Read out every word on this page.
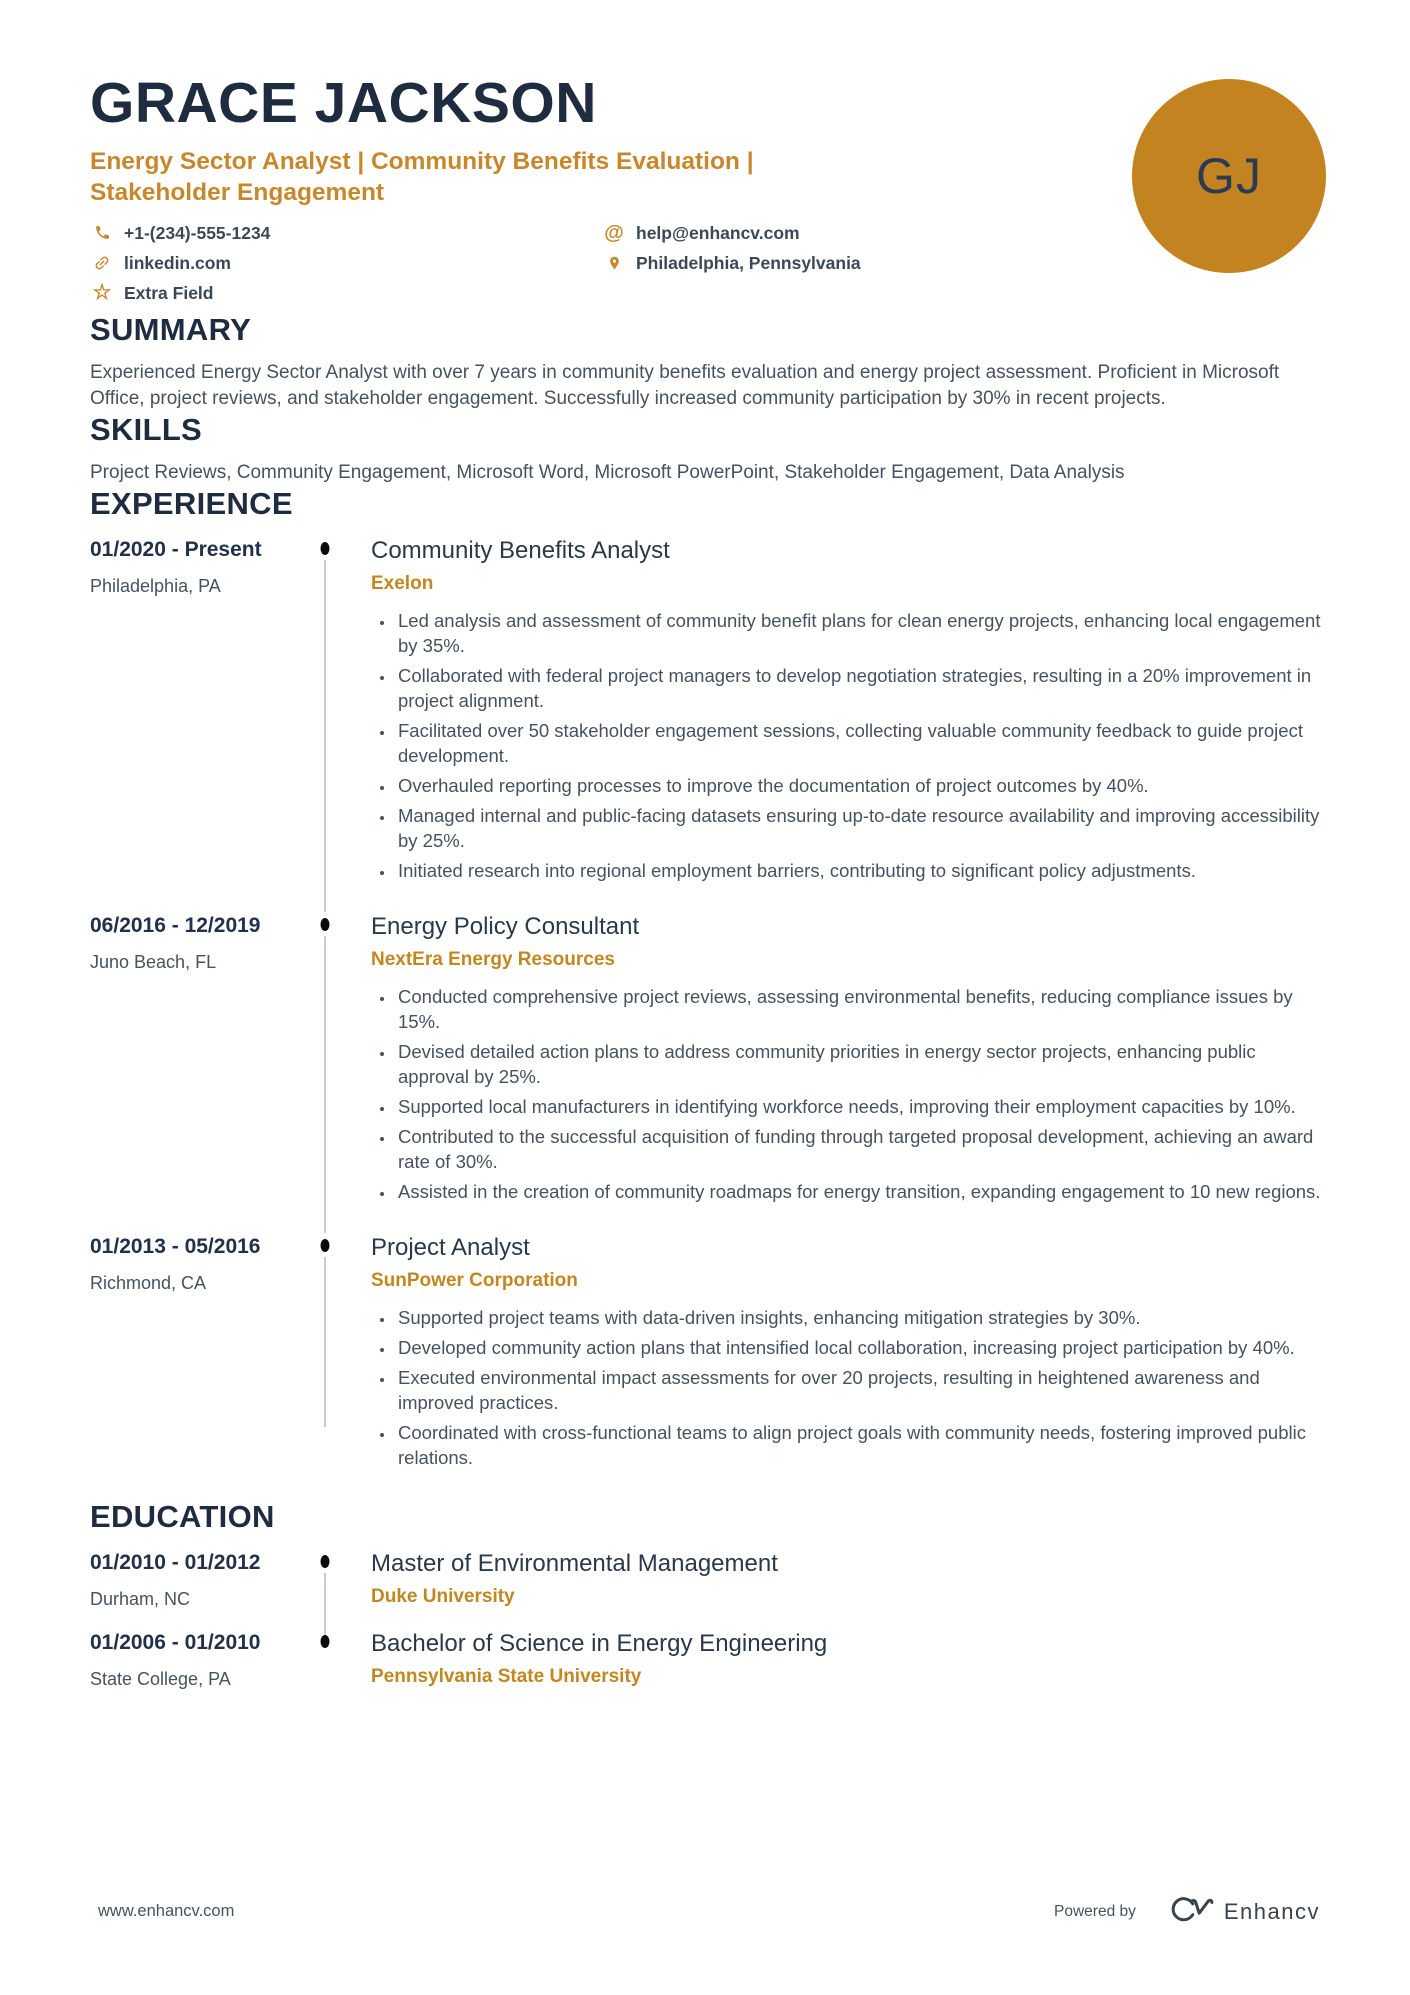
GRACE JACKSON
Energy Sector Analyst | Community Benefits Evaluation | Stakeholder Engagement
+1-(234)-555-1234
linkedin.com
☆ Extra Field
@ help@enhancv.com
Philadelphia, Pennsylvania
GJ
SUMMARY

Experienced Energy Sector Analyst with over 7 years in community benefits evaluation and energy project assessment. Proficient in Microsoft Office, project reviews, and stakeholder engagement. Successfully increased community participation by 30% in recent projects.

SKILLS

Project Reviews, Community Engagement, Microsoft Word, Microsoft PowerPoint, Stakeholder Engagement, Data Analysis

EXPERIENCE
01/2020 - Present
Philadelphia, PA
Community Benefits Analyst
Exelon
• Led analysis and assessment of community benefit plans for clean energy projects, enhancing local engagement by 35%.
• Collaborated with federal project managers to develop negotiation strategies, resulting in a 20% improvement in project alignment.
• Facilitated over 50 stakeholder engagement sessions, collecting valuable community feedback to guide project development.
• Overhauled reporting processes to improve the documentation of project outcomes by 40%.
• Managed internal and public-facing datasets ensuring up-to-date resource availability and improving accessibility by 25%.
• Initiated research into regional employment barriers, contributing to significant policy adjustments.
06/2016 - 12/2019
Juno Beach, FL
Energy Policy Consultant
NextEra Energy Resources
• Conducted comprehensive project reviews, assessing environmental benefits, reducing compliance issues by 15%.
• Devised detailed action plans to address community priorities in energy sector projects, enhancing public approval by 25%.
• Supported local manufacturers in identifying workforce needs, improving their employment capacities by 10%.
• Contributed to the successful acquisition of funding through targeted proposal development, achieving an award rate of 30%.
• Assisted in the creation of community roadmaps for energy transition, expanding engagement to 10 new regions.
01/2013 - 05/2016
Richmond, CA
Project Analyst
SunPower Corporation
• Supported project teams with data-driven insights, enhancing mitigation strategies by 30%.
• Developed community action plans that intensified local collaboration, increasing project participation by 40%.
• Executed environmental impact assessments for over 20 projects, resulting in heightened awareness and improved practices.
• Coordinated with cross-functional teams to align project goals with community needs, fostering improved public relations.
EDUCATION
01/2010 - 01/2012
Durham, NC
Master of Environmental Management
Duke University
01/2006 - 01/2010
State College, PA
Bachelor of Science in Energy Engineering
Pennsylvania State University
www.enhancv.com	Powered by	Enhancv
